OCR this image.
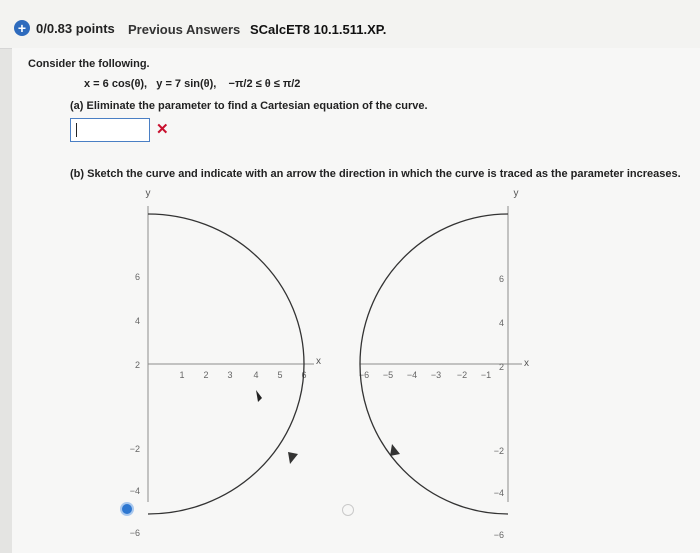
+ 0/0.83 points Previous Answers SCalcET8 10.1.511.XP.
Consider the following.
x = 6 cos(θ),   y = 7 sin(θ),    −π/2 ≤ θ ≤ π/2
(a) Eliminate the parameter to find a Cartesian equation of the curve.
✕
(b) Sketch the curve and indicate with an arrow the direction in which the curve is traced as the parameter increases.
y
x
6
4
2
−2
−4
−6
1 2 3 4 5 6
y
x
6
4
2
−2
−4
−6
−6 −5 −4 −3 −2 −1
